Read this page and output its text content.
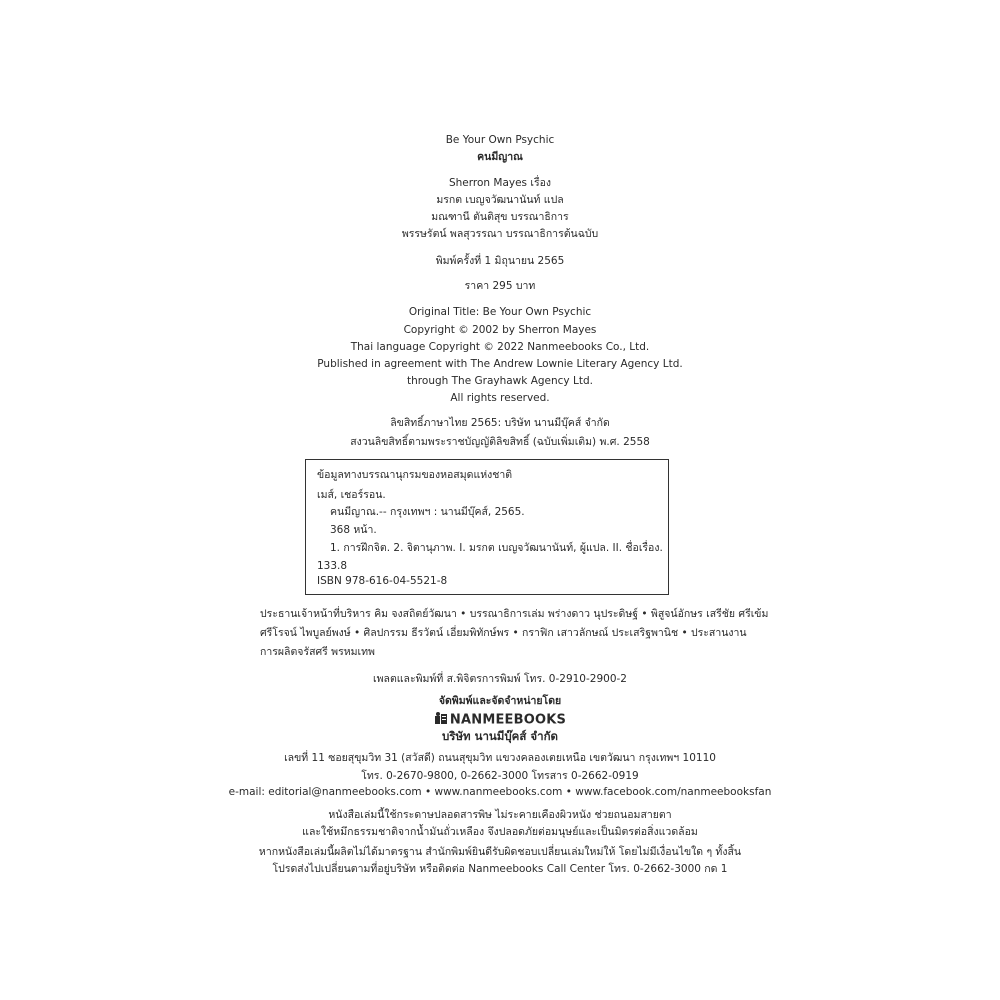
Be Your Own Psychic
คนมีญาณ
Sherron Mayes เรื่อง
มรกต เบญจวัฒนานันท์ แปล
มณฑานี ตันติสุข บรรณาธิการ
พรรษรัตน์ พลสุวรรณา บรรณาธิการต้นฉบับ
พิมพ์ครั้งที่ 1 มิถุนายน 2565
ราคา 295 บาท
Original Title: Be Your Own Psychic
Copyright © 2002 by Sherron Mayes
Thai language Copyright © 2022 Nanmeebooks Co., Ltd.
Published in agreement with The Andrew Lownie Literary Agency Ltd.
through The Grayhawk Agency Ltd.
All rights reserved.
ลิขสิทธิ์ภาษาไทย 2565: บริษัท นานมีบุ๊คส์ จำกัด
สงวนลิขสิทธิ์ตามพระราชบัญญัติลิขสิทธิ์ (ฉบับเพิ่มเติม) พ.ศ. 2558
ข้อมูลทางบรรณานุกรมของหอสมุดแห่งชาติ
เมส์, เชอร์รอน.
คนมีญาณ.-- กรุงเทพฯ : นานมีบุ๊คส์, 2565.
368 หน้า.
1. การฝึกจิต. 2. จิตานุภาพ. I. มรกต เบญจวัฒนานันท์, ผู้แปล. II. ชื่อเรื่อง.
133.8
ISBN 978-616-04-5521-8
ประธานเจ้าหน้าที่บริหาร คิม จงสถิตย์วัฒนา • บรรณาธิการเล่ม พร่างดาว นุประดิษฐ์ • พิสูจน์อักษร เสรีชัย ศรีเข้ม
ศรีโรจน์ ไพบูลย์พงษ์ • ศิลปกรรม ธีรวัตน์ เอี่ยมพิทักษ์พร • กราฟิก เสาวลักษณ์ ประเสริฐพานิช • ประสานงาน
การผลิตจรัสศรี พรหมเทพ
เพลตและพิมพ์ที่ ส.พิจิตรการพิมพ์ โทร. 0-2910-2900-2
จัดพิมพ์และจัดจำหน่ายโดย
NANMEEBOOKS
บริษัท นานมีบุ๊คส์ จำกัด
เลขที่ 11 ซอยสุขุมวิท 31 (สวัสดี) ถนนสุขุมวิท แขวงคลองเตยเหนือ เขตวัฒนา กรุงเทพฯ 10110
โทร. 0-2670-9800, 0-2662-3000 โทรสาร 0-2662-0919
e-mail: editorial@nanmeebooks.com • www.nanmeebooks.com • www.facebook.com/nanmeebooksfan
หนังสือเล่มนี้ใช้กระดาษปลอดสารพิษ ไม่ระคายเคืองผิวหนัง ช่วยถนอมสายตา
และใช้หมึกธรรมชาติจากน้ำมันถั่วเหลือง จึงปลอดภัยต่อมนุษย์และเป็นมิตรต่อสิ่งแวดล้อม
หากหนังสือเล่มนี้ผลิตไม่ได้มาตรฐาน สำนักพิมพ์ยินดีรับผิดชอบเปลี่ยนเล่มใหม่ให้ โดยไม่มีเงื่อนไขใด ๆ ทั้งสิ้น
โปรดส่งไปเปลี่ยนตามที่อยู่บริษัท หรือติดต่อ Nanmeebooks Call Center โทร. 0-2662-3000 กด 1
